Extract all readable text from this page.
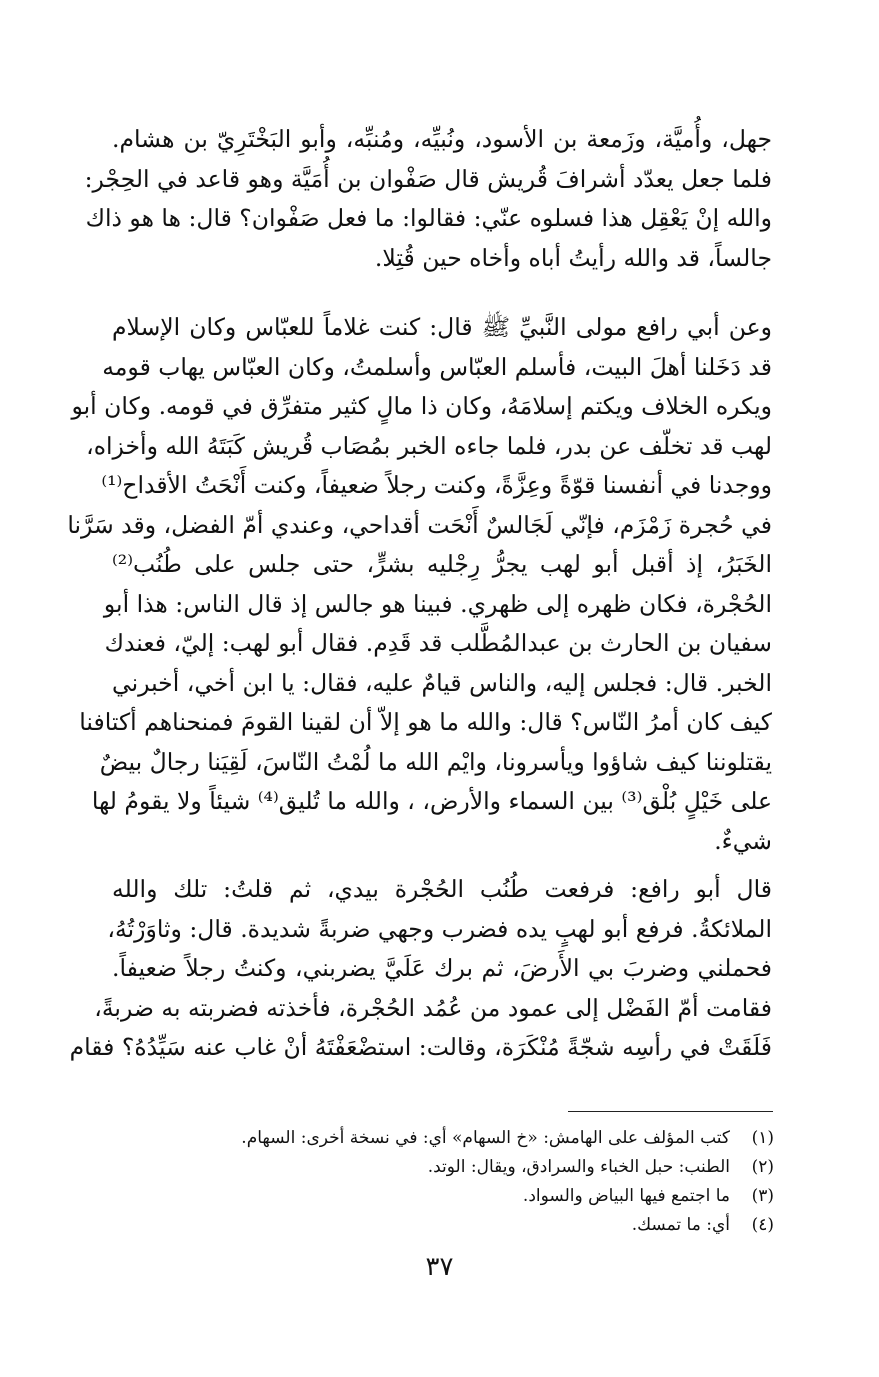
جهل، وأُميَّة، وزَمعة بن الأسود، ونُبيِّه، ومُنبِّه، وأبو البَخْتَرِيّ بن هشام.
فلما جعل يعدّد أشرافَ قُريش قال صَفْوان بن أُمَيَّة وهو قاعد في الحِجْر:
والله إنْ يَعْقِل هذا فسلوه عنّي: فقالوا: ما فعل صَفْوان؟ قال: ها هو ذاك
جالساً، قد والله رأيتُ أباه وأخاه حين قُتِلا.
وعن أبي رافع مولى النَّبيِّ ﷺ قال: كنت غلاماً للعبّاس وكان الإسلام
قد دَخَلنا أهلَ البيت، فأسلم العبّاس وأسلمتُ، وكان العبّاس يهاب قومه
ويكره الخلاف ويكتم إسلامَهُ، وكان ذا مالٍ كثير متفرِّق في قومه. وكان أبو
لهب قد تخلّف عن بدر، فلما جاءه الخبر بمُصَاب قُريش كَبَتَهُ الله وأخزاه،
ووجدنا في أنفسنا قوّةً وعِزَّةً، وكنت رجلاً ضعيفاً، وكنت أَنْحَتُ الأقداح⁽¹⁾
في حُجرة زَمْزَم، فإنّي لَجَالسٌ أَنْحَت أقداحي، وعندي أمّ الفضل، وقد سَرَّنا
الخَبَرُ، إذ أقبل أبو لهب يجرُّ رِجْليه بشرٍّ، حتى جلس على طُنُب⁽²⁾
الحُجْرة، فكان ظهره إلى ظهري. فبينا هو جالس إذ قال الناس: هذا أبو
سفيان بن الحارث بن عبدالمُطَّلب قد قَدِم. فقال أبو لهب: إليّ، فعندك
الخبر. قال: فجلس إليه، والناس قيامٌ عليه، فقال: يا ابن أخي، أخبرني
كيف كان أمرُ النّاس؟ قال: والله ما هو إلاّ أن لقينا القومَ فمنحناهم أكتافنا
يقتلوننا كيف شاؤوا ويأسرونا، وايْم الله ما لُمْتُ النّاسَ، لَقِيَنا رجالٌ بيضٌ
على خَيْلٍ بُلْق⁽³⁾ بين السماء والأرض، ، والله ما تُليق⁽⁴⁾ شيئاً ولا يقومُ لها
شيءٌ.
قال أبو رافع: فرفعت طُنُب الحُجْرة بيدي، ثم قلتُ: تلك والله
الملائكةُ. فرفع أبو لهبٍ يده فضرب وجهي ضربةً شديدة. قال: وثاوَرْتُهُ،
فحملني وضربَ بي الأَرضَ، ثم برك عَلَيَّ يضربني، وكنتُ رجلاً ضعيفاً.
فقامت أمّ الفَضْل إلى عمود من عُمُد الحُجْرة، فأخذته فضربته به ضربةً،
فَلَقَتْ في رأسِه شجّةً مُنْكَرَة، وقالت: استضْعَفْتَهُ أنْ غاب عنه سَيِّدُهُ؟ فقام
(١)
كتب المؤلف على الهامش: «خ السهام» أي: في نسخة أخرى: السهام.
(٢)
الطنب: حبل الخباء والسرادق، ويقال: الوتد.
(٣)
ما اجتمع فيها البياض والسواد.
(٤)
أي: ما تمسك.
٣٧
